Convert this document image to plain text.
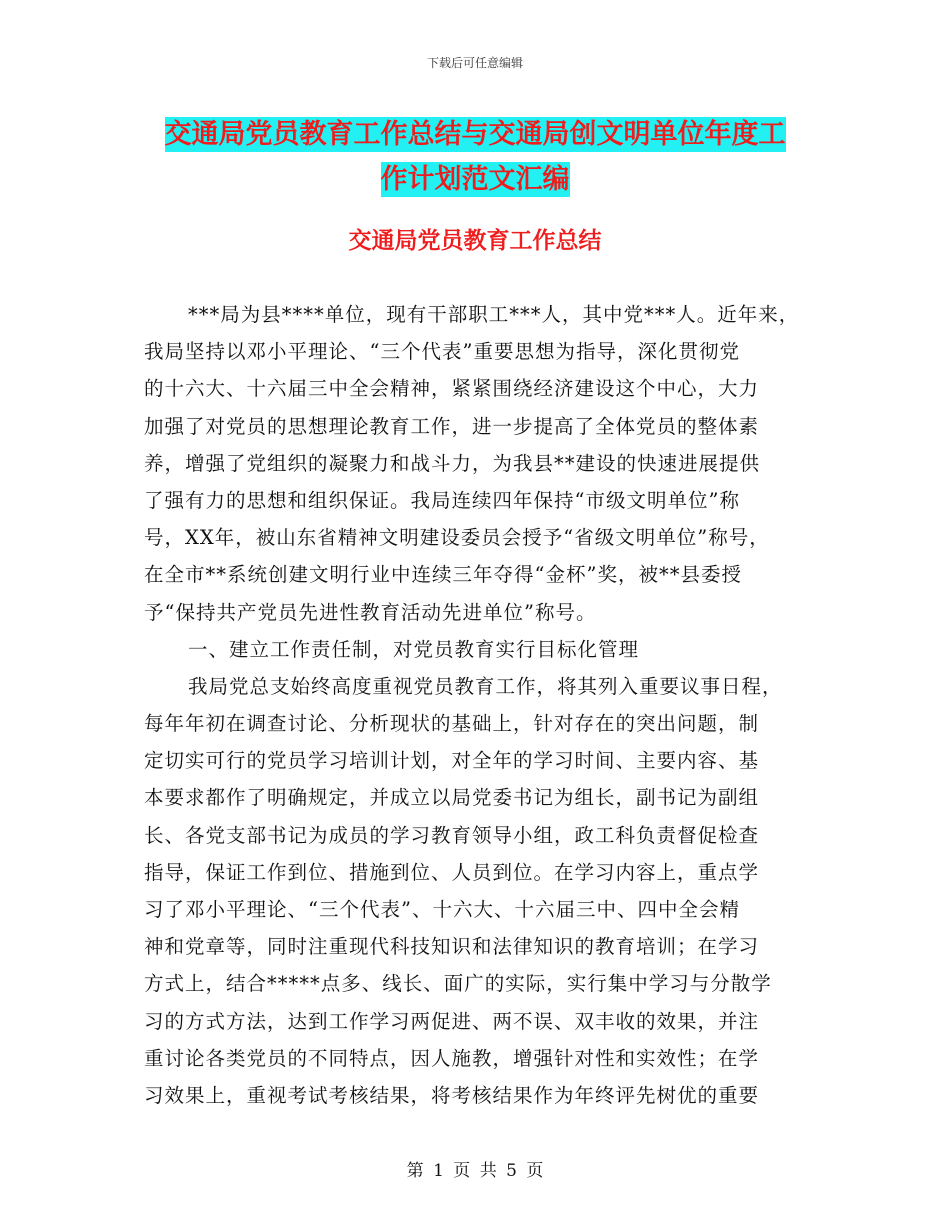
下载后可任意编辑
交通局党员教育工作总结与交通局创文明单位年度工
作计划范文汇编
交通局党员教育工作总结
***局为县****单位，现有干部职工***人，其中党***人。近年来，
我局坚持以邓小平理论、“三个代表”重要思想为指导，深化贯彻党
的十六大、十六届三中全会精神，紧紧围绕经济建设这个中心，大力
加强了对党员的思想理论教育工作，进一步提高了全体党员的整体素
养，增强了党组织的凝聚力和战斗力，为我县**建设的快速进展提供
了强有力的思想和组织保证。我局连续四年保持“市级文明单位”称
号，XX年，被山东省精神文明建设委员会授予“省级文明单位”称号，
在全市**系统创建文明行业中连续三年夺得“金杯”奖，被**县委授
予“保持共产党员先进性教育活动先进单位”称号。
一、建立工作责任制，对党员教育实行目标化管理
我局党总支始终高度重视党员教育工作，将其列入重要议事日程，
每年年初在调查讨论、分析现状的基础上，针对存在的突出问题，制
定切实可行的党员学习培训计划，对全年的学习时间、主要内容、基
本要求都作了明确规定，并成立以局党委书记为组长，副书记为副组
长、各党支部书记为成员的学习教育领导小组，政工科负责督促检查
指导，保证工作到位、措施到位、人员到位。在学习内容上，重点学
习了邓小平理论、“三个代表”、十六大、十六届三中、四中全会精
神和党章等，同时注重现代科技知识和法律知识的教育培训；在学习
方式上，结合*****点多、线长、面广的实际，实行集中学习与分散学
习的方式方法，达到工作学习两促进、两不误、双丰收的效果，并注
重讨论各类党员的不同特点，因人施教，增强针对性和实效性；在学
习效果上，重视考试考核结果，将考核结果作为年终评先树优的重要
第 1 页 共 5 页
